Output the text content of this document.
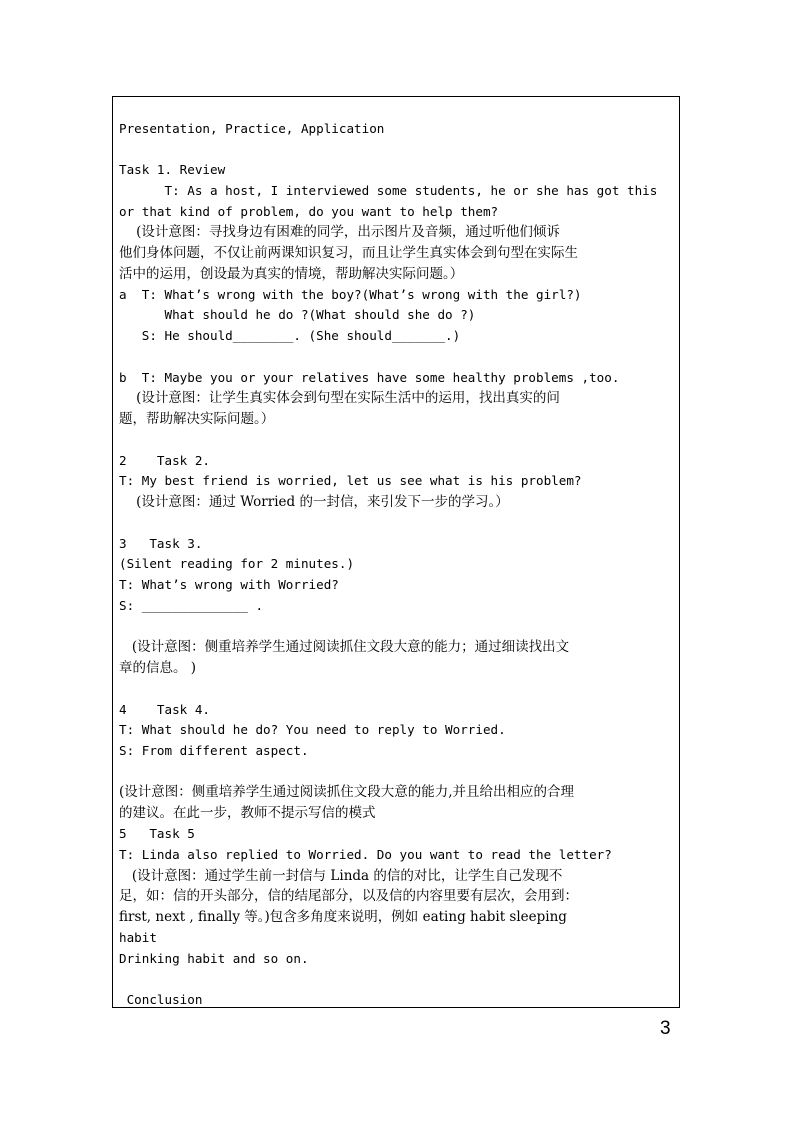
Presentation, Practice, Application
Task 1. Review
T: As a host, I interviewed some students, he or she has got this
or that kind of problem, do you want to help them?
(设计意图：寻找身边有困难的同学，出示图片及音频，通过听他们倾诉
他们身体问题，不仅让前两课知识复习，而且让学生真实体会到句型在实际生
活中的运用，创设最为真实的情境，帮助解决实际问题。）
a  T: What’s wrong with the boy?(What’s wrong with the girl?)
What should he do ?(What should she do ?)
S: He should________. (She should_______.)
b  T: Maybe you or your relatives have some healthy problems ,too.
(设计意图：让学生真实体会到句型在实际生活中的运用，找出真实的问
题，帮助解决实际问题。）
2    Task 2.
T: My best friend is worried, let us see what is his problem?
(设计意图：通过 Worried 的一封信，来引发下一步的学习。）
3   Task 3.
(Silent reading for 2 minutes.)
T: What’s wrong with Worried?
S: ______________ .
(设计意图：侧重培养学生通过阅读抓住文段大意的能力；通过细读找出文
章的信息。 )
4    Task 4.
T: What should he do? You need to reply to Worried.
S: From different aspect.
(设计意图：侧重培养学生通过阅读抓住文段大意的能力,并且给出相应的合理
的建议。在此一步，教师不提示写信的模式
5   Task 5
T: Linda also replied to Worried. Do you want to read the letter?
(设计意图：通过学生前一封信与 Linda 的信的对比，让学生自己发现不
足，如：信的开头部分，信的结尾部分，以及信的内容里要有层次，会用到：
first, next , finally 等。)包含多角度来说明，例如 eating habit sleeping
habit
Drinking habit and so on.
Conclusion
3
